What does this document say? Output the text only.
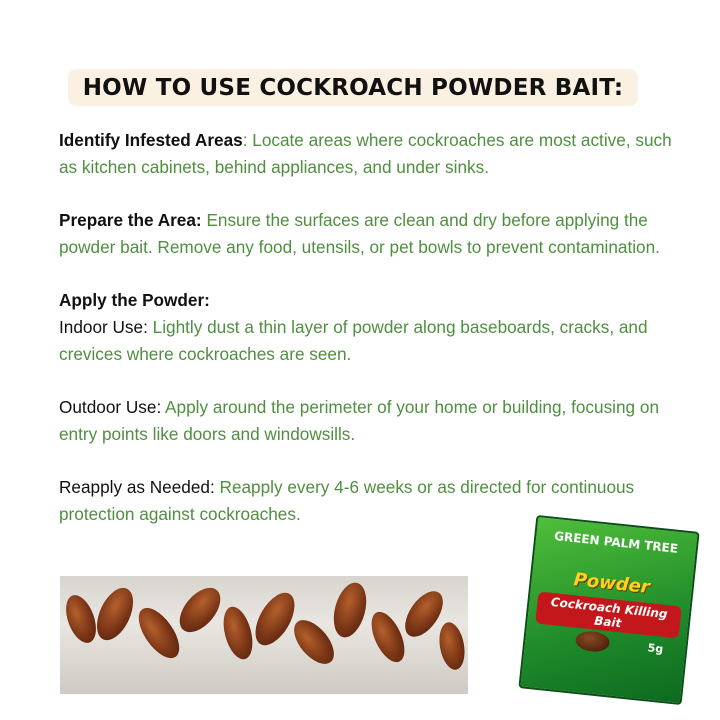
HOW TO USE COCKROACH POWDER BAIT:

Identify Infested Areas: Locate areas where cockroaches are most active, such as kitchen cabinets, behind appliances, and under sinks.

Prepare the Area: Ensure the surfaces are clean and dry before applying the powder bait. Remove any food, utensils, or pet bowls to prevent contamination.

Apply the Powder:
Indoor Use: Lightly dust a thin layer of powder along baseboards, cracks, and crevices where cockroaches are seen.

Outdoor Use: Apply around the perimeter of your home or building, focusing on entry points like doors and windowsills.

Reapply as Needed: Reapply every 4-6 weeks or as directed for continuous protection against cockroaches.

GREEN PALM TREE
Powder
Cockroach Killing Bait
5g
